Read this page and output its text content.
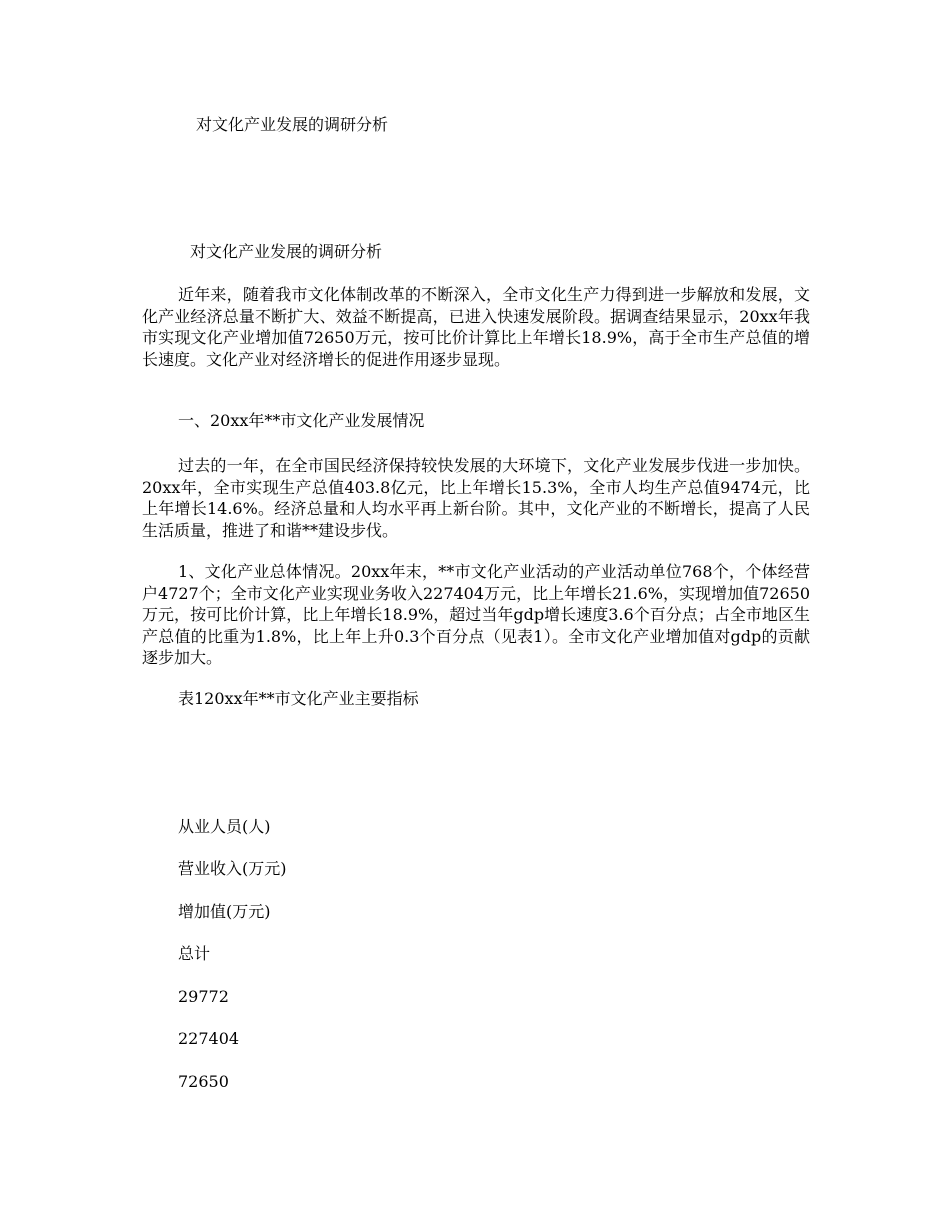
对文化产业发展的调研分析
对文化产业发展的调研分析

近年来，随着我市文化体制改革的不断深入，全市文化生产力得到进一步解放和发展，文化产业经济总量不断扩大、效益不断提高，已进入快速发展阶段。据调查结果显示，20xx年我市实现文化产业增加值72650万元，按可比价计算比上年增长18.9%，高于全市生产总值的增长速度。文化产业对经济增长的促进作用逐步显现。

一、20xx年**市文化产业发展情况

过去的一年，在全市国民经济保持较快发展的大环境下，文化产业发展步伐进一步加快。20xx年，全市实现生产总值403.8亿元，比上年增长15.3%，全市人均生产总值9474元，比上年增长14.6%。经济总量和人均水平再上新台阶。其中，文化产业的不断增长，提高了人民生活质量，推进了和谐**建设步伐。

1、文化产业总体情况。20xx年末，**市文化产业活动的产业活动单位768个，个体经营户4727个；全市文化产业实现业务收入227404万元，比上年增长21.6%，实现增加值72650万元，按可比价计算，比上年增长18.9%，超过当年gdp增长速度3.6个百分点；占全市地区生产总值的比重为1.8%，比上年上升0.3个百分点（见表1）。全市文化产业增加值对gdp的贡献逐步加大。

表120xx年**市文化产业主要指标
从业人员(人)
营业收入(万元)
增加值(万元)
总计
29772
227404
72650
